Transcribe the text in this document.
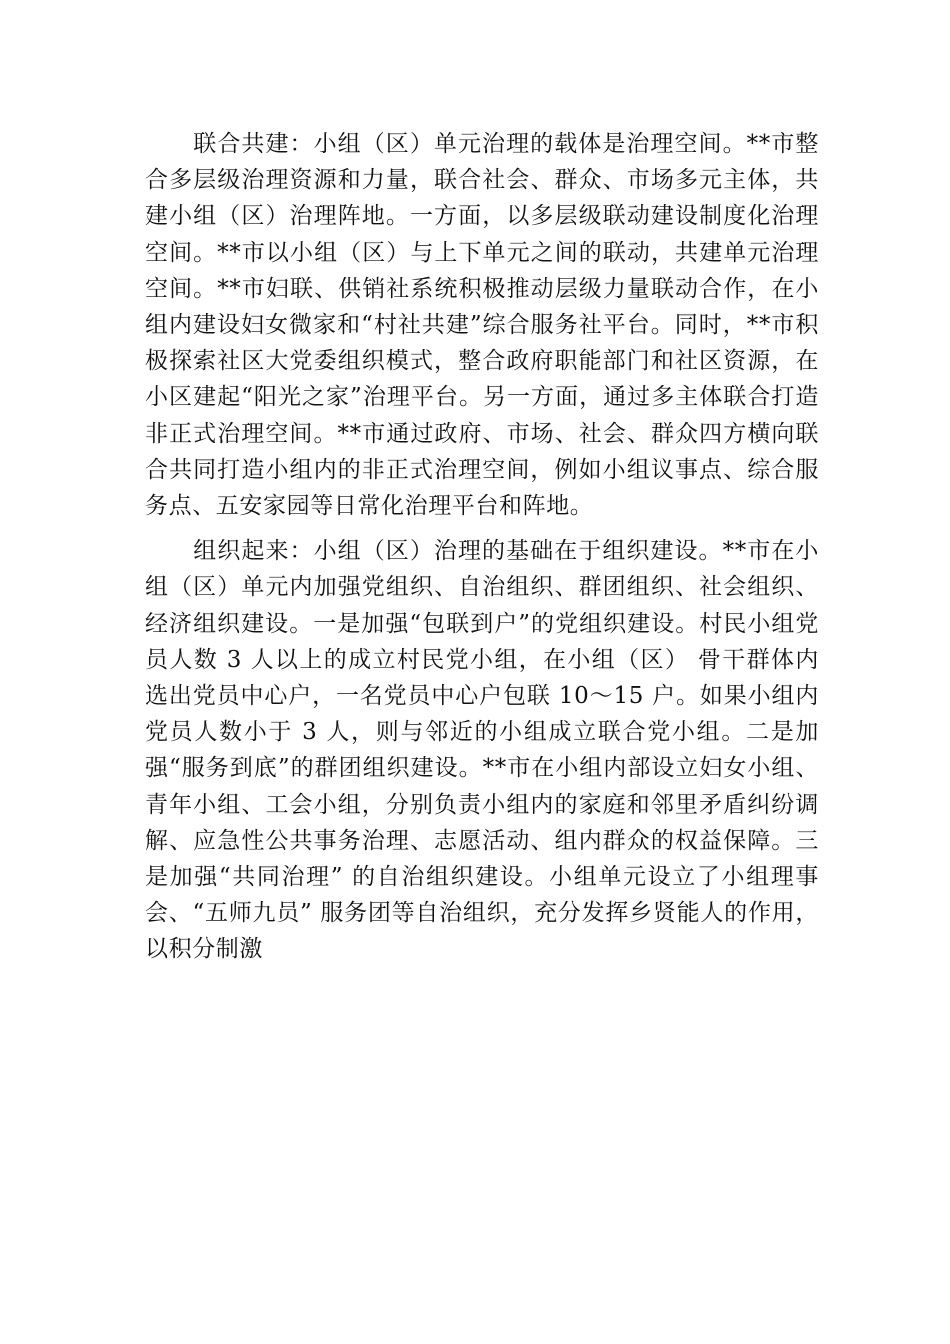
联合共建：小组（区）单元治理的载体是治理空间。**市整合多层级治理资源和力量，联合社会、群众、市场多元主体，共建小组（区）治理阵地。一方面，以多层级联动建设制度化治理空间。**市以小组（区）与上下单元之间的联动，共建单元治理空间。**市妇联、供销社系统积极推动层级力量联动合作，在小组内建设妇女微家和“村社共建”综合服务社平台。同时，**市积极探索社区大党委组织模式，整合政府职能部门和社区资源，在小区建起“阳光之家”治理平台。另一方面，通过多主体联合打造非正式治理空间。**市通过政府、市场、社会、群众四方横向联合共同打造小组内的非正式治理空间，例如小组议事点、综合服务点、五安家园等日常化治理平台和阵地。

组织起来：小组（区）治理的基础在于组织建设。**市在小组（区）单元内加强党组织、自治组织、群团组织、社会组织、经济组织建设。一是加强“包联到户”的党组织建设。村民小组党员人数 3 人以上的成立村民党小组，在小组（区） 骨干群体内选出党员中心户，一名党员中心户包联 10～15 户。如果小组内党员人数小于 3 人，则与邻近的小组成立联合党小组。二是加强“服务到底”的群团组织建设。**市在小组内部设立妇女小组、青年小组、工会小组，分别负责小组内的家庭和邻里矛盾纠纷调解、应急性公共事务治理、志愿活动、组内群众的权益保障。三是加强“共同治理” 的自治组织建设。小组单元设立了小组理事会、“五师九员” 服务团等自治组织，充分发挥乡贤能人的作用，以积分制激
